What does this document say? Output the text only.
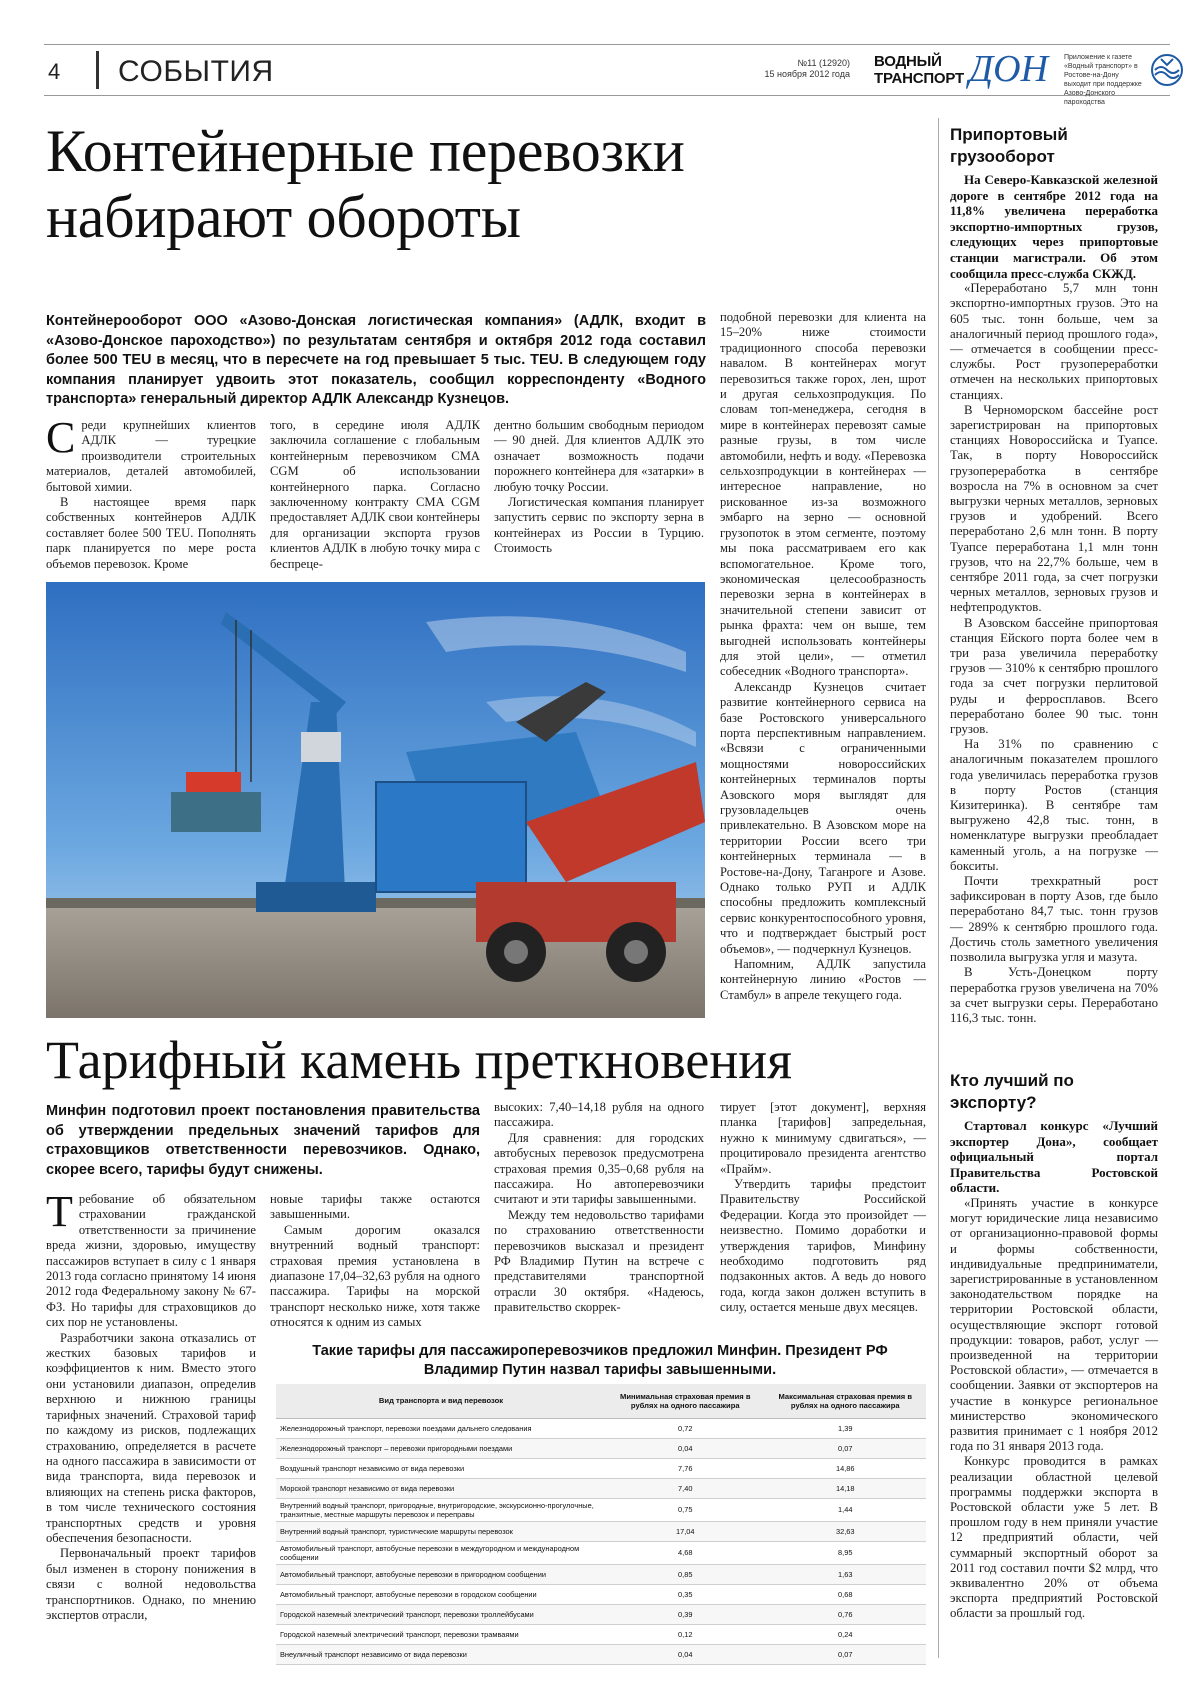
4 СОБЫТИЯ	№11 (12920)
15 ноября 2012 года
ВОДНЫЙ
ТРАНСПОРТ ДОН Приложение к газете «Водный транспорт» в Ростове-на-Дону выходит при поддержке Азово-Донского пароходства
Контейнерные перевозки набирают обороты

Контейнерооборот ООО «Азово-Донская логистическая компания» (АДЛК, входит в «Азово-Донское пароходство») по результатам сентября и октября 2012 года составил более 500 TEU в месяц, что в пересчете на год превышает 5 тыс. TEU. В следующем году компания планирует удвоить этот показатель, сообщил корреспонденту «Водного транспорта» генеральный директор АДЛК Александр Кузнецов.

Среди крупнейших клиентов АДЛК — турецкие производители строительных материалов, деталей автомобилей, бытовой химии.

В настоящее время парк собственных контейнеров АДЛК составляет более 500 TEU. Пополнять парк планируется по мере роста объемов перевозок. Кроме

того, в середине июля АДЛК заключила соглашение с глобальным контейнерным перевозчиком CMA CGM об использовании контейнерного парка. Согласно заключенному контракту CMA CGM предоставляет АДЛК свои контейнеры для организации экспорта грузов клиентов АДЛК в любую точку мира с беспреце-

дентно большим свободным периодом — 90 дней. Для клиентов АДЛК это означает возможность подачи порожнего контейнера для «затарки» в любую точку России.

Логистическая компания планирует запустить сервис по экспорту зерна в контейнерах из России в Турцию. Стоимость

подобной перевозки для клиента на 15–20% ниже стоимости традиционного способа перевозки навалом. В контейнерах могут перевозиться также горох, лен, шрот и другая сельхозпродукция. По словам топ-менеджера, сегодня в мире в контейнерах перевозят самые разные грузы, в том числе автомобили, нефть и воду. «Перевозка сельхозпродукции в контейнерах — интересное направление, но рискованное из-за возможного эмбарго на зерно — основной грузопоток в этом сегменте, поэтому мы пока рассматриваем его как вспомогательное. Кроме того, экономическая целесообразность перевозки зерна в контейнерах в значительной степени зависит от рынка фрахта: чем он выше, тем выгодней использовать контейнеры для этой цели», — отметил собеседник «Водного транспорта».

Александр Кузнецов считает развитие контейнерного сервиса на базе Ростовского универсального порта перспективным направлением. «Всвязи с ограниченными мощностями новороссийских контейнерных терминалов порты Азовского моря выглядят для грузовладельцев очень привлекательно. В Азовском море на территории России всего три контейнерных терминала — в Ростове-на-Дону, Таганроге и Азове. Однако только РУП и АДЛК способны предложить комплексный сервис конкурентоспособного уровня, что и подтверждает быстрый рост объемов», — подчеркнул Кузнецов.

Напомним, АДЛК запустила контейнерную линию «Ростов — Стамбул» в апреле текущего года.

Тарифный камень преткновения

Минфин подготовил проект постановления правительства об утверждении предельных значений тарифов для страховщиков ответственности перевозчиков. Однако, скорее всего, тарифы будут снижены.

Требование об обязательном страховании гражданской ответственности за причинение вреда жизни, здоровью, имуществу пассажиров вступает в силу с 1 января 2013 года согласно принятому 14 июня 2012 года Федеральному закону № 67-ФЗ. Но тарифы для страховщиков до сих пор не установлены.

Разработчики закона отказались от жестких базовых тарифов и коэффициентов к ним. Вместо этого они установили диапазон, определив верхнюю и нижнюю границы тарифных значений. Страховой тариф по каждому из рисков, подлежащих страхованию, определяется в расчете на одного пассажира в зависимости от вида транспорта, вида перевозок и влияющих на степень риска факторов, в том числе технического состояния транспортных средств и уровня обеспечения безопасности.

Первоначальный проект тарифов был изменен в сторону понижения в связи с волной недовольства транспортников. Однако, по мнению экспертов отрасли,

новые тарифы также остаются завышенными.

Самым дорогим оказался внутренний водный транспорт: страховая премия установлена в диапазоне 17,04–32,63 рубля на одного пассажира. Тарифы на морской транспорт несколько ниже, хотя также относятся к одним из самых

высоких: 7,40–14,18 рубля на одного пассажира.

Для сравнения: для городских автобусных перевозок предусмотрена страховая премия 0,35–0,68 рубля на пассажира. Но автоперевозчики считают и эти тарифы завышенными.

Между тем недовольство тарифами по страхованию ответственности перевозчиков высказал и президент РФ Владимир Путин на встрече с представителями транспортной отрасли 30 октября. «Надеюсь, правительство скоррек-

тирует [этот документ], верхняя планка [тарифов] запредельная, нужно к минимуму сдвигаться», — процитировало президента агентство «Прайм».

Утвердить тарифы предстоит Правительству Российской Федерации. Когда это произойдет — неизвестно. Помимо доработки и утверждения тарифов, Минфину необходимо подготовить ряд подзаконных актов. А ведь до нового года, когда закон должен вступить в силу, остается меньше двух месяцев.

Такие тарифы для пассажироперевозчиков предложил Минфин. Президент РФ Владимир Путин назвал тарифы завышенными.
Вид транспорта и вид перевозок	Минимальная страховая премия в рублях на одного пассажира	Максимальная страховая премия в рублях на одного пассажира
Железнодорожный транспорт, перевозки поездами дальнего следования	0,72	1,39
Железнодорожный транспорт – перевозки пригородными поездами	0,04	0,07
Воздушный транспорт независимо от вида перевозки	7,76	14,86
Морской транспорт независимо от вида перевозки	7,40	14,18
Внутренний водный транспорт, пригородные, внутригородские, экскурсионно-прогулочные, транзитные, местные маршруты перевозок и переправы	0,75	1,44
Внутренний водный транспорт, туристические маршруты перевозок	17,04	32,63
Автомобильный транспорт, автобусные перевозки в междугородном и международном сообщении	4,68	8,95
Автомобильный транспорт, автобусные перевозки в пригородном сообщении	0,85	1,63
Автомобильный транспорт, автобусные перевозки в городском сообщении	0,35	0,68
Городской наземный электрический транспорт, перевозки троллейбусами	0,39	0,76
Городской наземный электрический транспорт, перевозки трамваями	0,12	0,24
Внеуличный транспорт независимо от вида перевозки	0,04	0,07
Припортовый грузооборот

На Северо-Кавказской железной дороге в сентябре 2012 года на 11,8% увеличена переработка экспортно-импортных грузов, следующих через припортовые станции магистрали. Об этом сообщила пресс-служба СКЖД.

«Переработано 5,7 млн тонн экспортно-импортных грузов. Это на 605 тыс. тонн больше, чем за аналогичный период прошлого года», — отмечается в сообщении пресс-службы. Рост грузопереработки отмечен на нескольких припортовых станциях.

В Черноморском бассейне рост зарегистрирован на припортовых станциях Новороссийска и Туапсе. Так, в порту Новороссийск грузопереработка в сентябре возросла на 7% в основном за счет выгрузки черных металлов, зерновых грузов и удобрений. Всего переработано 2,6 млн тонн. В порту Туапсе переработана 1,1 млн тонн грузов, что на 22,7% больше, чем в сентябре 2011 года, за счет погрузки черных металлов, зерновых грузов и нефтепродуктов.

В Азовском бассейне припортовая станция Ейского порта более чем в три раза увеличила переработку грузов — 310% к сентябрю прошлого года за счет погрузки перлитовой руды и ферросплавов. Всего переработано более 90 тыс. тонн грузов.

На 31% по сравнению с аналогичным показателем прошлого года увеличилась переработка грузов в порту Ростов (станция Кизитеринка). В сентябре там выгружено 42,8 тыс. тонн, в номенклатуре выгрузки преобладает каменный уголь, а на погрузке — бокситы.

Почти трехкратный рост зафиксирован в порту Азов, где было переработано 84,7 тыс. тонн грузов — 289% к сентябрю прошлого года. Достичь столь заметного увеличения позволила выгрузка угля и мазута.

В Усть-Донецком порту переработка грузов увеличена на 70% за счет выгрузки серы. Переработано 116,3 тыс. тонн.

Кто лучший по экспорту?

Стартовал конкурс «Лучший экспортер Дона», сообщает официальный портал Правительства Ростовской области.

«Принять участие в конкурсе могут юридические лица независимо от организационно-правовой формы и формы собственности, индивидуальные предприниматели, зарегистрированные в установленном законодательством порядке на территории Ростовской области, осуществляющие экспорт готовой продукции: товаров, работ, услуг — произведенной на территории Ростовской области», — отмечается в сообщении. Заявки от экспортеров на участие в конкурсе региональное министерство экономического развития принимает с 1 ноября 2012 года по 31 января 2013 года.

Конкурс проводится в рамках реализации областной целевой программы поддержки экспорта в Ростовской области уже 5 лет. В прошлом году в нем приняли участие 12 предприятий области, чей суммарный экспортный оборот за 2011 год составил почти $2 млрд, что эквивалентно 20% от объема экспорта предприятий Ростовской области за прошлый год.
